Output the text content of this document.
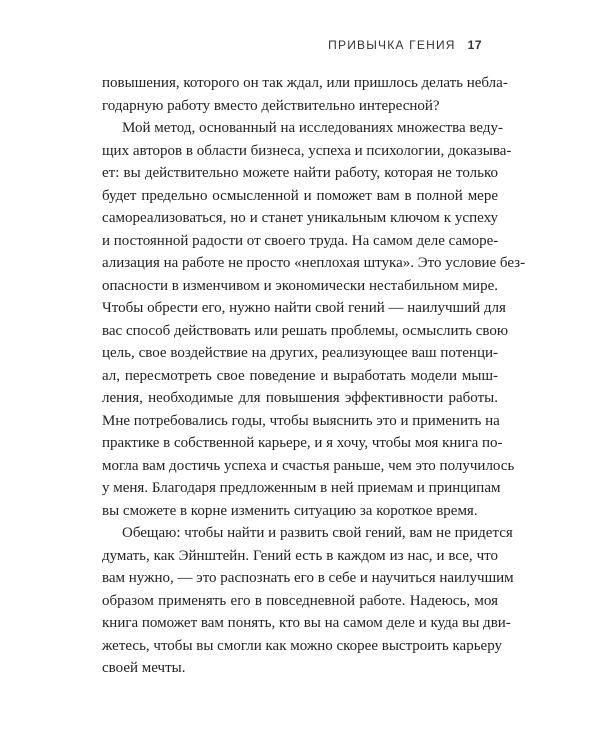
ПРИВЫЧКА ГЕНИЯ 17

повышения, которого он так ждал, или пришлось делать небла-
годарную работу вместо действительно интересной?

Мой метод, основанный на исследованиях множества веду-
щих авторов в области бизнеса, успеха и психологии, доказыва-
ет: вы действительно можете найти работу, которая не только
будет предельно осмысленной и поможет вам в полной мере
самореализоваться, но и станет уникальным ключом к успеху
и постоянной радости от своего труда. На самом деле саморе-
ализация на работе не просто «неплохая штука». Это условие без-
опасности в изменчивом и экономически нестабильном мире.
Чтобы обрести его, нужно найти свой гений — наилучший для
вас способ действовать или решать проблемы, осмыслить свою
цель, свое воздействие на других, реализующее ваш потенци-
ал, пересмотреть свое поведение и выработать модели мыш-
ления, необходимые для повышения эффективности работы.
Мне потребовались годы, чтобы выяснить это и применить на
практике в собственной карьере, и я хочу, чтобы моя книга по-
могла вам достичь успеха и счастья раньше, чем это получилось
у меня. Благодаря предложенным в ней приемам и принципам
вы сможете в корне изменить ситуацию за короткое время.

Обещаю: чтобы найти и развить свой гений, вам не придется
думать, как Эйнштейн. Гений есть в каждом из нас, и все, что
вам нужно, — это распознать его в себе и научиться наилучшим
образом применять его в повседневной работе. Надеюсь, моя
книга поможет вам понять, кто вы на самом деле и куда вы дви-
жетесь, чтобы вы смогли как можно скорее выстроить карьеру
своей мечты.
